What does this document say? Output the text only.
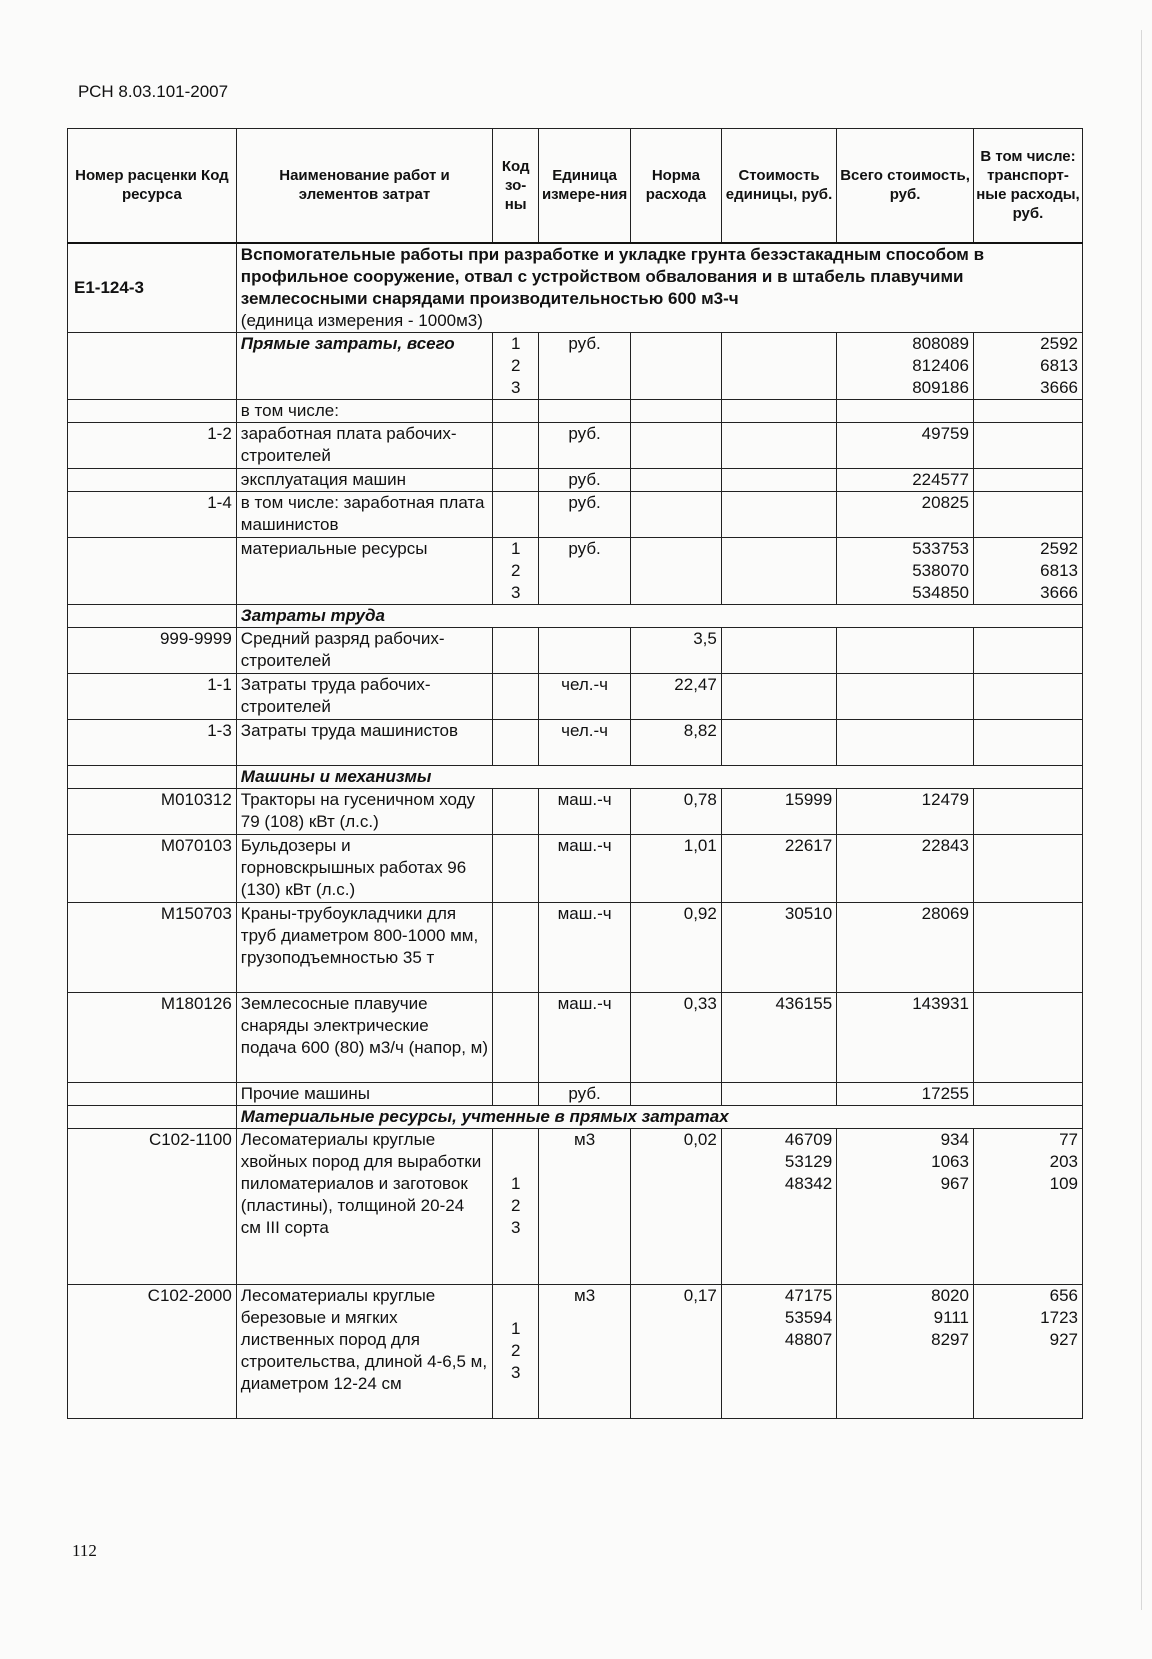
РСН 8.03.101-2007
Номер расценки Код ресурса	Наименование работ и элементов затрат	Код зо-ны	Единица измере-ния	Норма расхода	Стоимость единицы, руб.	Всего стоимость, руб.	В том числе: транспорт-ные расходы, руб.
Е1-124-3	Вспомогательные работы при разработке и укладке грунта безэстакадным способом в профильное сооружение, отвал с устройством обвалования и в штабель плавучими землесосными снарядами производительностью 600 м3-ч
(единица измерения - 1000м3)						
	Прямые затраты, всего	1
2
3	руб.			808089
812406
809186	2592
6813
3666

	в том числе:						
1-2	заработная плата рабочих-строителей		руб.			49759	
	эксплуатация машин		руб.			224577	
1-4	в том числе: заработная плата машинистов		руб.			20825	
	материальные ресурсы	1
2
3	руб.			533753
538070
534850	2592
6813
3666

	Затраты труда						
999-9999	Средний разряд рабочих-строителей			3,5			
1-1	Затраты труда рабочих-строителей		чел.-ч	22,47			
1-3	Затраты труда машинистов		чел.-ч	8,82			
	Машины и механизмы						
М010312	Тракторы на гусеничном ходу 79 (108) кВт (л.с.)		маш.-ч	0,78	15999	12479	
М070103	Бульдозеры и горновскрышных работах 96 (130) кВт (л.с.)		маш.-ч	1,01	22617	22843	
М150703	Краны-трубоукладчики для труб диаметром 800-1000 мм, грузоподъемностью 35 т		маш.-ч	0,92	30510	28069	
М180126	Землесосные плавучие снаряды электрические подача 600 (80) м3/ч (напор, м)		маш.-ч	0,33	436155	143931	
	Прочие машины		руб.			17255	
	Материальные ресурсы, учтенные в прямых затратах						
С102-1100	Лесоматериалы круглые хвойных пород для выработки пиломатериалов и заготовок (пластины), толщиной 20-24 см III сорта	1
2
3	м3	0,02	46709
53129
48342	934
1063
967	77
203
109

С102-2000	Лесоматериалы круглые березовые и мягких лиственных пород для строительства, длиной 4-6,5 м, диаметром 12-24 см	1
2
3	м3	0,17	47175
53594
48807	8020
9111
8297	656
1723
927
112
